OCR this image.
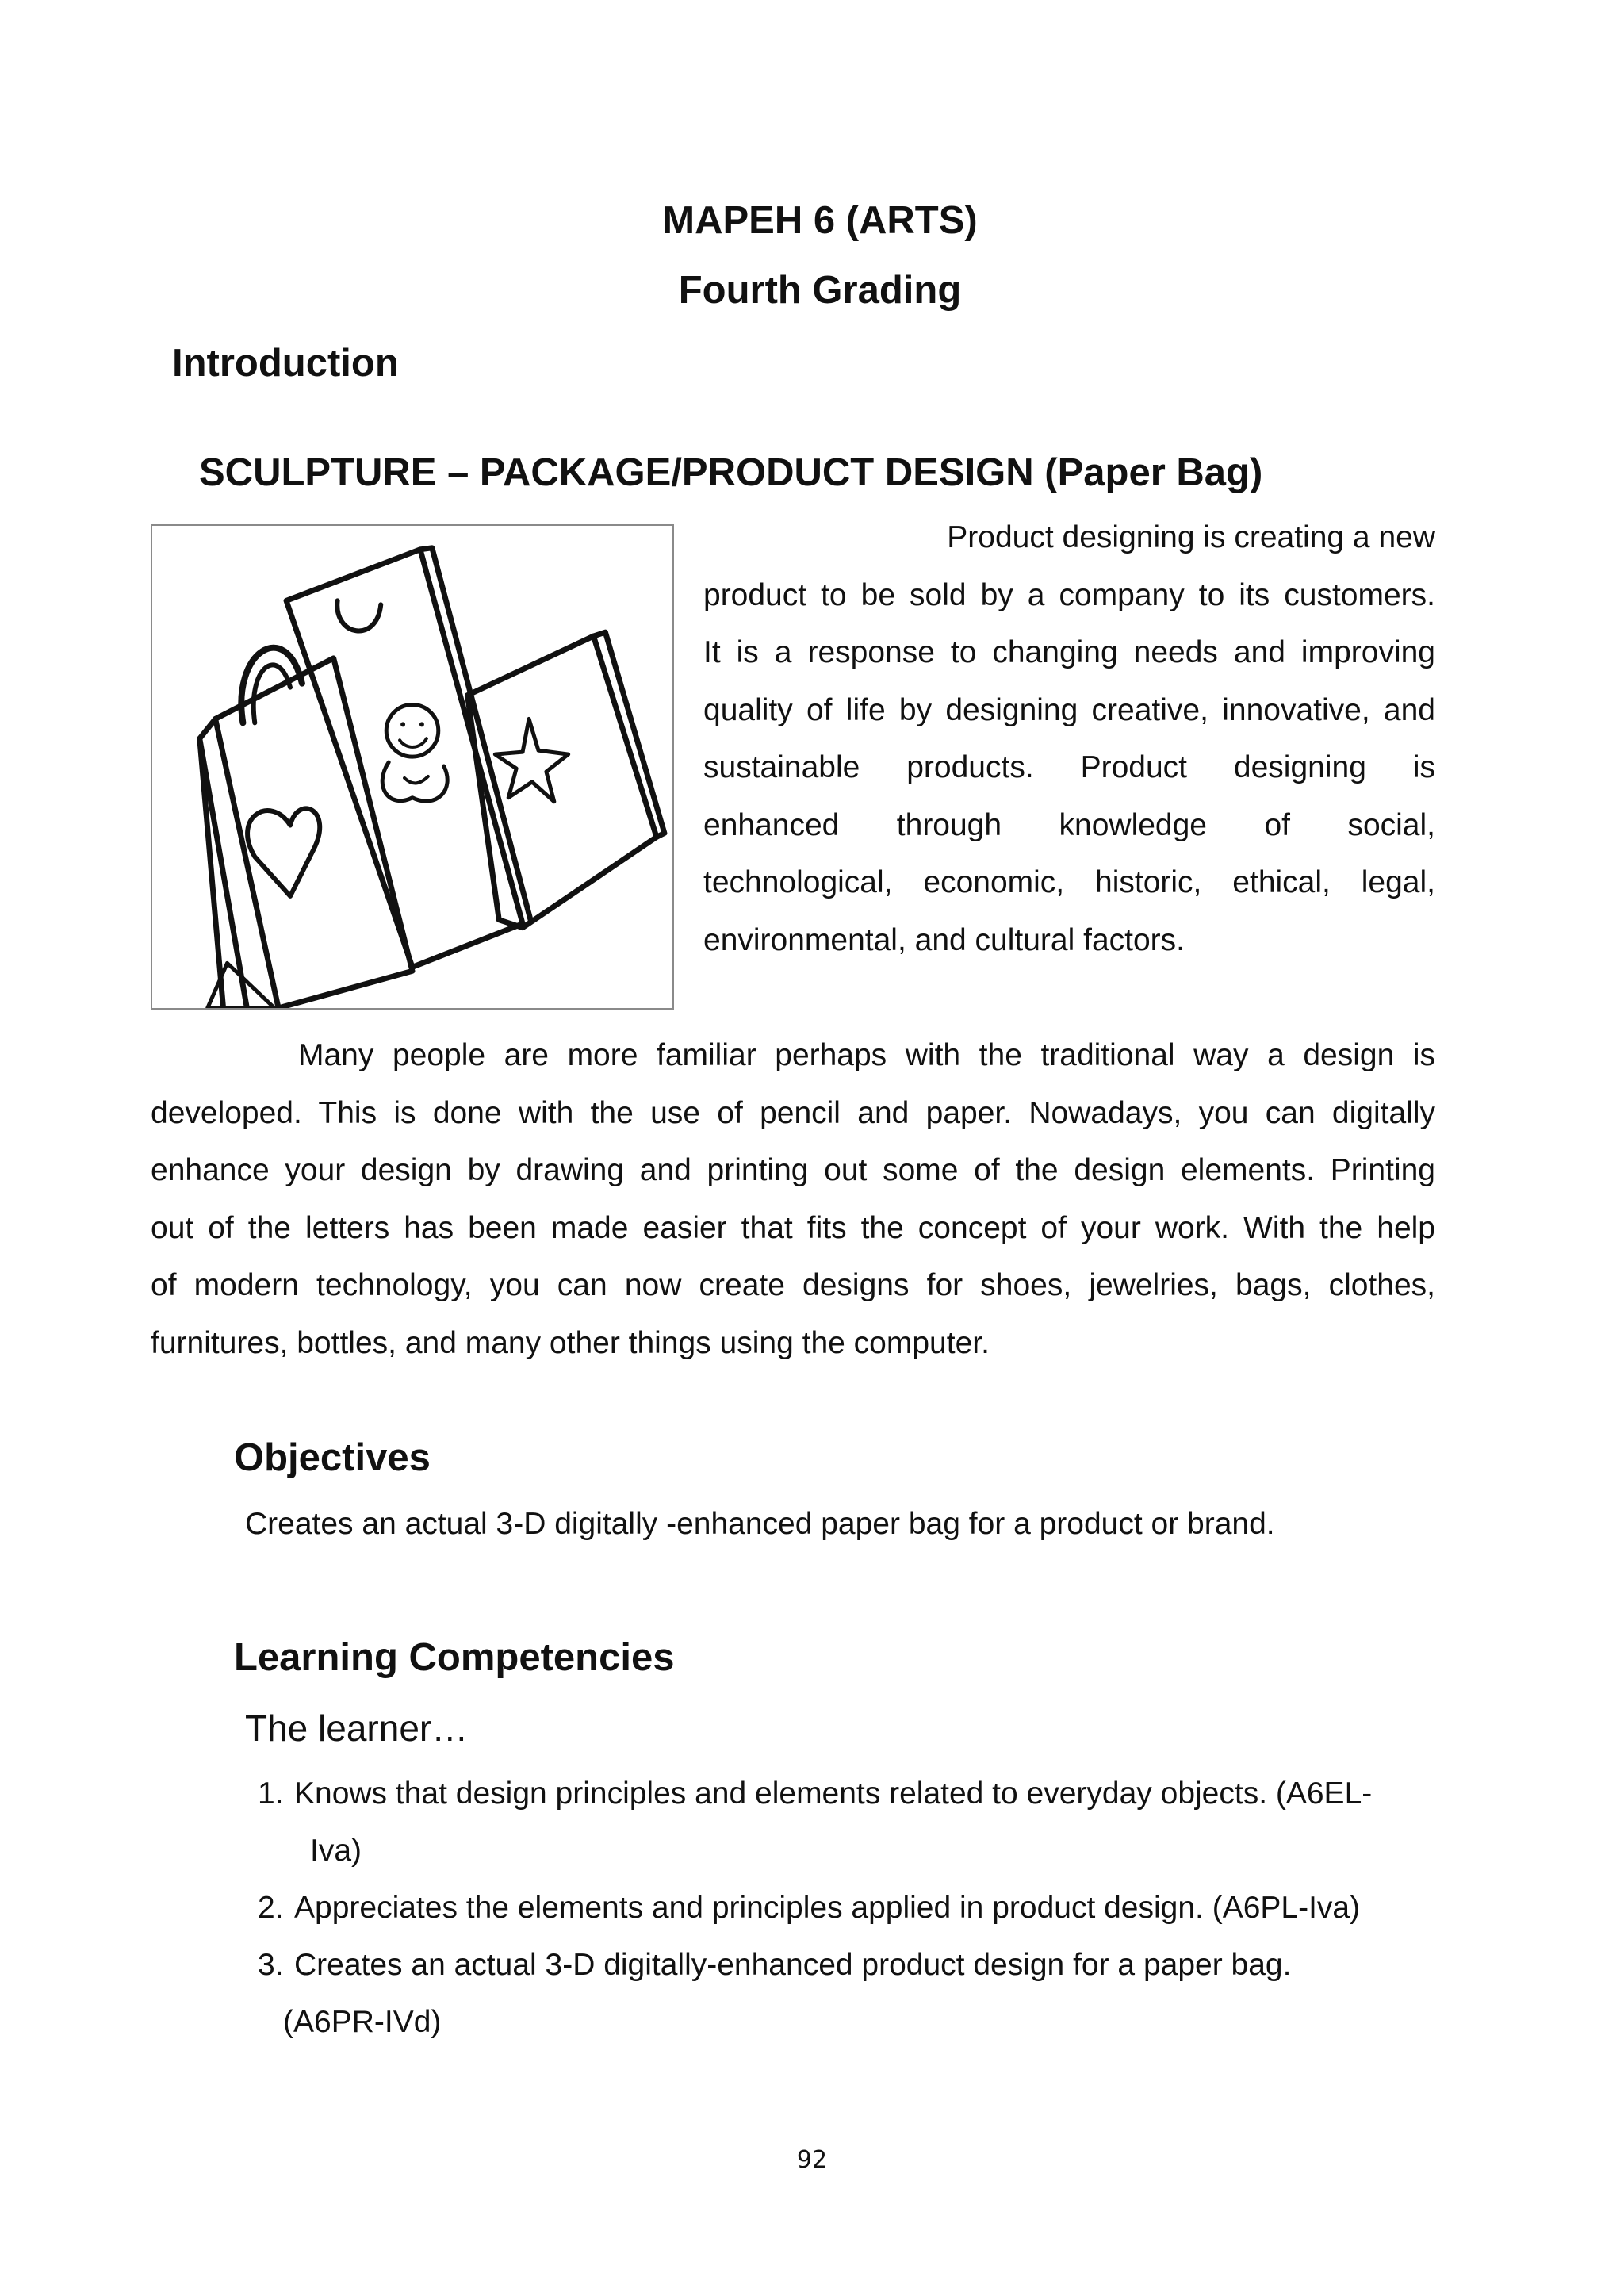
MAPEH 6 (ARTS)
Fourth Grading
Introduction
SCULPTURE – PACKAGE/PRODUCT DESIGN (Paper Bag)
Product designing is creating a new
product to be sold by a company to its customers.
It is a response to changing needs and improving
quality of life by designing creative, innovative, and
sustainable products. Product designing is
enhanced through knowledge of social,
technological, economic, historic, ethical, legal,
environmental, and cultural factors.
Many people are more familiar perhaps with the traditional way a design is
developed. This is done with the use of pencil and paper. Nowadays, you can digitally
enhance your design by drawing and printing out some of the design elements. Printing
out of the letters has been made easier that fits the concept of your work. With the help
of modern technology, you can now create designs for shoes, jewelries, bags, clothes,
furnitures, bottles, and many other things using the computer.
Objectives
Creates an actual 3-D digitally -enhanced paper bag for a product or brand.
Learning Competencies
The learner…
1. Knows that design principles and elements related to everyday objects. (A6EL-
Iva)
2. Appreciates the elements and principles applied in product design. (A6PL-Iva)
3. Creates an actual 3-D digitally-enhanced product design for a paper bag.
(A6PR-IVd)
92
